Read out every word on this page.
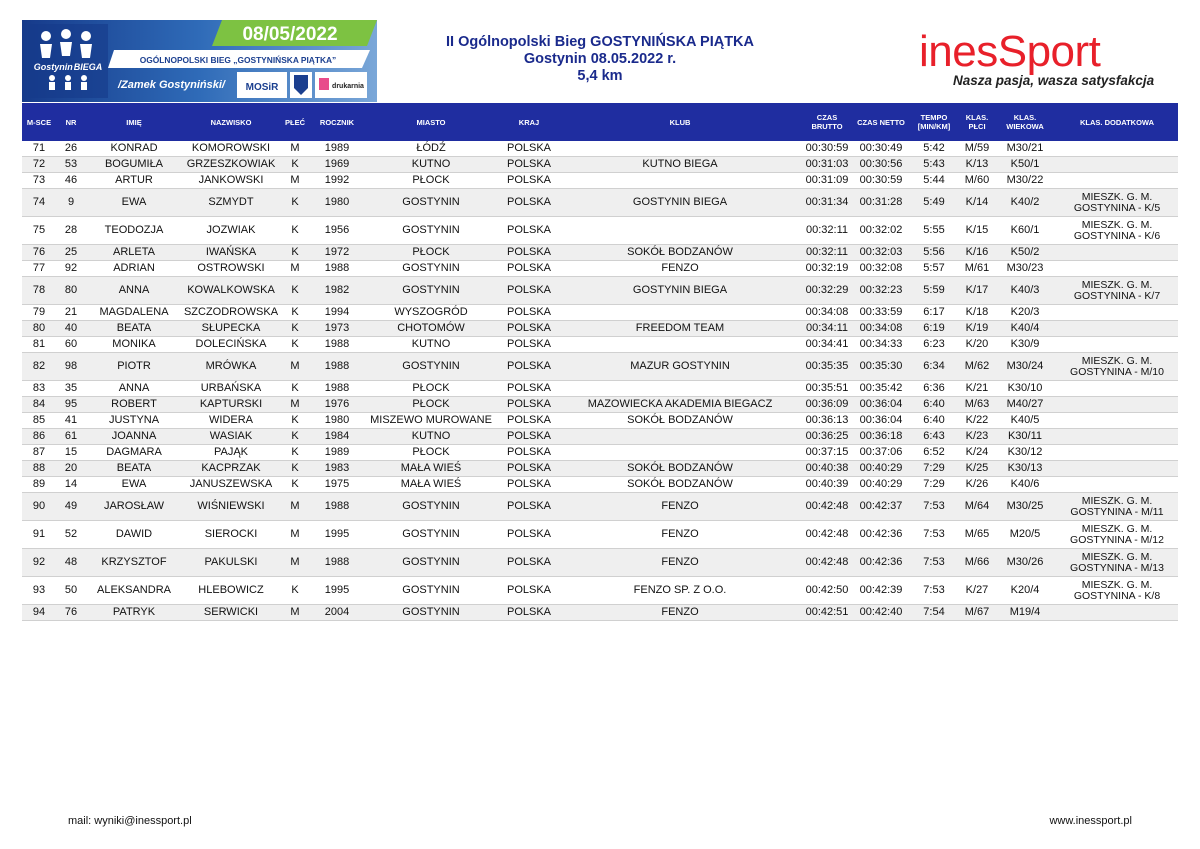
08/05/2022
OGÓLNOPOLSKI BIEG „GOSTYNIŃSKA PIĄTKA”
GostyninBIEGA
/Zamek Gostyniński/ MOSiR	drukarnia
II Ogólnopolski Bieg GOSTYNIŃSKA PIĄTKA
Gostynin 08.05.2022 r.
5,4 km	inesSport
Nasza pasja, wasza satysfakcja
M-SCE	NR	IMIĘ	NAZWISKO	PŁEĆ	ROCZNIK	MIASTO	KRAJ	KLUB	CZAS BRUTTO	CZAS NETTO	TEMPO [MIN/KM]	KLAS. PŁCI	KLAS. WIEKOWA	KLAS. DODATKOWA
71	26	KONRAD	KOMOROWSKI	M	1989	ŁÓDŹ	POLSKA		00:30:59	00:30:49	5:42	M/59	M30/21	
72	53	BOGUMIŁA	GRZESZKOWIAK	K	1969	KUTNO	POLSKA	KUTNO BIEGA	00:31:03	00:30:56	5:43	K/13	K50/1	
73	46	ARTUR	JANKOWSKI	M	1992	PŁOCK	POLSKA		00:31:09	00:30:59	5:44	M/60	M30/22	
74	9	EWA	SZMYDT	K	1980	GOSTYNIN	POLSKA	GOSTYNIN BIEGA	00:31:34	00:31:28	5:49	K/14	K40/2	MIESZK. G. M. GOSTYNINA - K/5
75	28	TEODOZJA	JOZWIAK	K	1956	GOSTYNIN	POLSKA		00:32:11	00:32:02	5:55	K/15	K60/1	MIESZK. G. M. GOSTYNINA - K/6
76	25	ARLETA	IWAŃSKA	K	1972	PŁOCK	POLSKA	SOKÓŁ BODZANÓW	00:32:11	00:32:03	5:56	K/16	K50/2	
77	92	ADRIAN	OSTROWSKI	M	1988	GOSTYNIN	POLSKA	FENZO	00:32:19	00:32:08	5:57	M/61	M30/23	
78	80	ANNA	KOWALKOWSKA	K	1982	GOSTYNIN	POLSKA	GOSTYNIN BIEGA	00:32:29	00:32:23	5:59	K/17	K40/3	MIESZK. G. M. GOSTYNINA - K/7
79	21	MAGDALENA	SZCZODROWSKA	K	1994	WYSZOGRÓD	POLSKA		00:34:08	00:33:59	6:17	K/18	K20/3	
80	40	BEATA	SŁUPECKA	K	1973	CHOTOMÓW	POLSKA	FREEDOM TEAM	00:34:11	00:34:08	6:19	K/19	K40/4	
81	60	MONIKA	DOLECIŃSKA	K	1988	KUTNO	POLSKA		00:34:41	00:34:33	6:23	K/20	K30/9	
82	98	PIOTR	MRÓWKA	M	1988	GOSTYNIN	POLSKA	MAZUR GOSTYNIN	00:35:35	00:35:30	6:34	M/62	M30/24	MIESZK. G. M. GOSTYNINA - M/10
83	35	ANNA	URBAŃSKA	K	1988	PŁOCK	POLSKA		00:35:51	00:35:42	6:36	K/21	K30/10	
84	95	ROBERT	KAPTURSKI	M	1976	PŁOCK	POLSKA	MAZOWIECKA AKADEMIA BIEGACZ	00:36:09	00:36:04	6:40	M/63	M40/27	
85	41	JUSTYNA	WIDERA	K	1980	MISZEWO MUROWANE	POLSKA	SOKÓŁ BODZANÓW	00:36:13	00:36:04	6:40	K/22	K40/5	
86	61	JOANNA	WASIAK	K	1984	KUTNO	POLSKA		00:36:25	00:36:18	6:43	K/23	K30/11	
87	15	DAGMARA	PAJĄK	K	1989	PŁOCK	POLSKA		00:37:15	00:37:06	6:52	K/24	K30/12	
88	20	BEATA	KACPRZAK	K	1983	MAŁA WIEŚ	POLSKA	SOKÓŁ BODZANÓW	00:40:38	00:40:29	7:29	K/25	K30/13	
89	14	EWA	JANUSZEWSKA	K	1975	MAŁA WIEŚ	POLSKA	SOKÓŁ BODZANÓW	00:40:39	00:40:29	7:29	K/26	K40/6	
90	49	JAROSŁAW	WIŚNIEWSKI	M	1988	GOSTYNIN	POLSKA	FENZO	00:42:48	00:42:37	7:53	M/64	M30/25	MIESZK. G. M. GOSTYNINA - M/11
91	52	DAWID	SIEROCKI	M	1995	GOSTYNIN	POLSKA	FENZO	00:42:48	00:42:36	7:53	M/65	M20/5	MIESZK. G. M. GOSTYNINA - M/12
92	48	KRZYSZTOF	PAKULSKI	M	1988	GOSTYNIN	POLSKA	FENZO	00:42:48	00:42:36	7:53	M/66	M30/26	MIESZK. G. M. GOSTYNINA - M/13
93	50	ALEKSANDRA	HLEBOWICZ	K	1995	GOSTYNIN	POLSKA	FENZO SP. Z O.O.	00:42:50	00:42:39	7:53	K/27	K20/4	MIESZK. G. M. GOSTYNINA - K/8
94	76	PATRYK	SERWICKI	M	2004	GOSTYNIN	POLSKA	FENZO	00:42:51	00:42:40	7:54	M/67	M19/4	
mail: wyniki@inessport.pl	www.inessport.pl
